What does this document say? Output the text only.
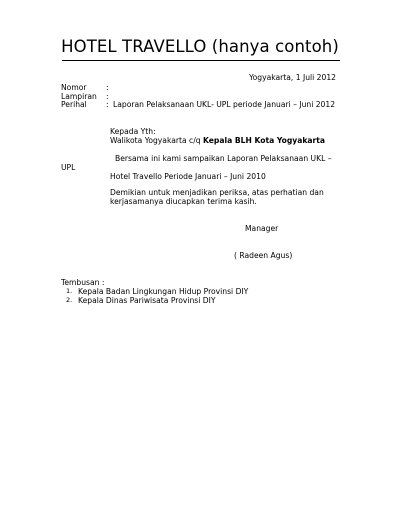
HOTEL TRAVELLO (hanya contoh)
Yogyakarta, 1 Juli 2012
Nomor	:
Lampiran :
Perihal	: Laporan Pelaksanaan UKL- UPL periode Januari – Juni 2012
Kepada Yth:
Walikota Yogyakarta c/q Kepala BLH Kota Yogyakarta
Bersama ini kami sampaikan Laporan Pelaksanaan UKL –
UPL
Hotel Travello Periode Januari – Juni 2010
Demikian untuk menjadikan periksa, atas perhatian dan
kerjasamanya diucapkan terima kasih.
Manager
( Radeen Agus)
Tembusan :
1. Kepala Badan Lingkungan Hidup Provinsi DIY
2. Kepala Dinas Pariwisata Provinsi DIY
